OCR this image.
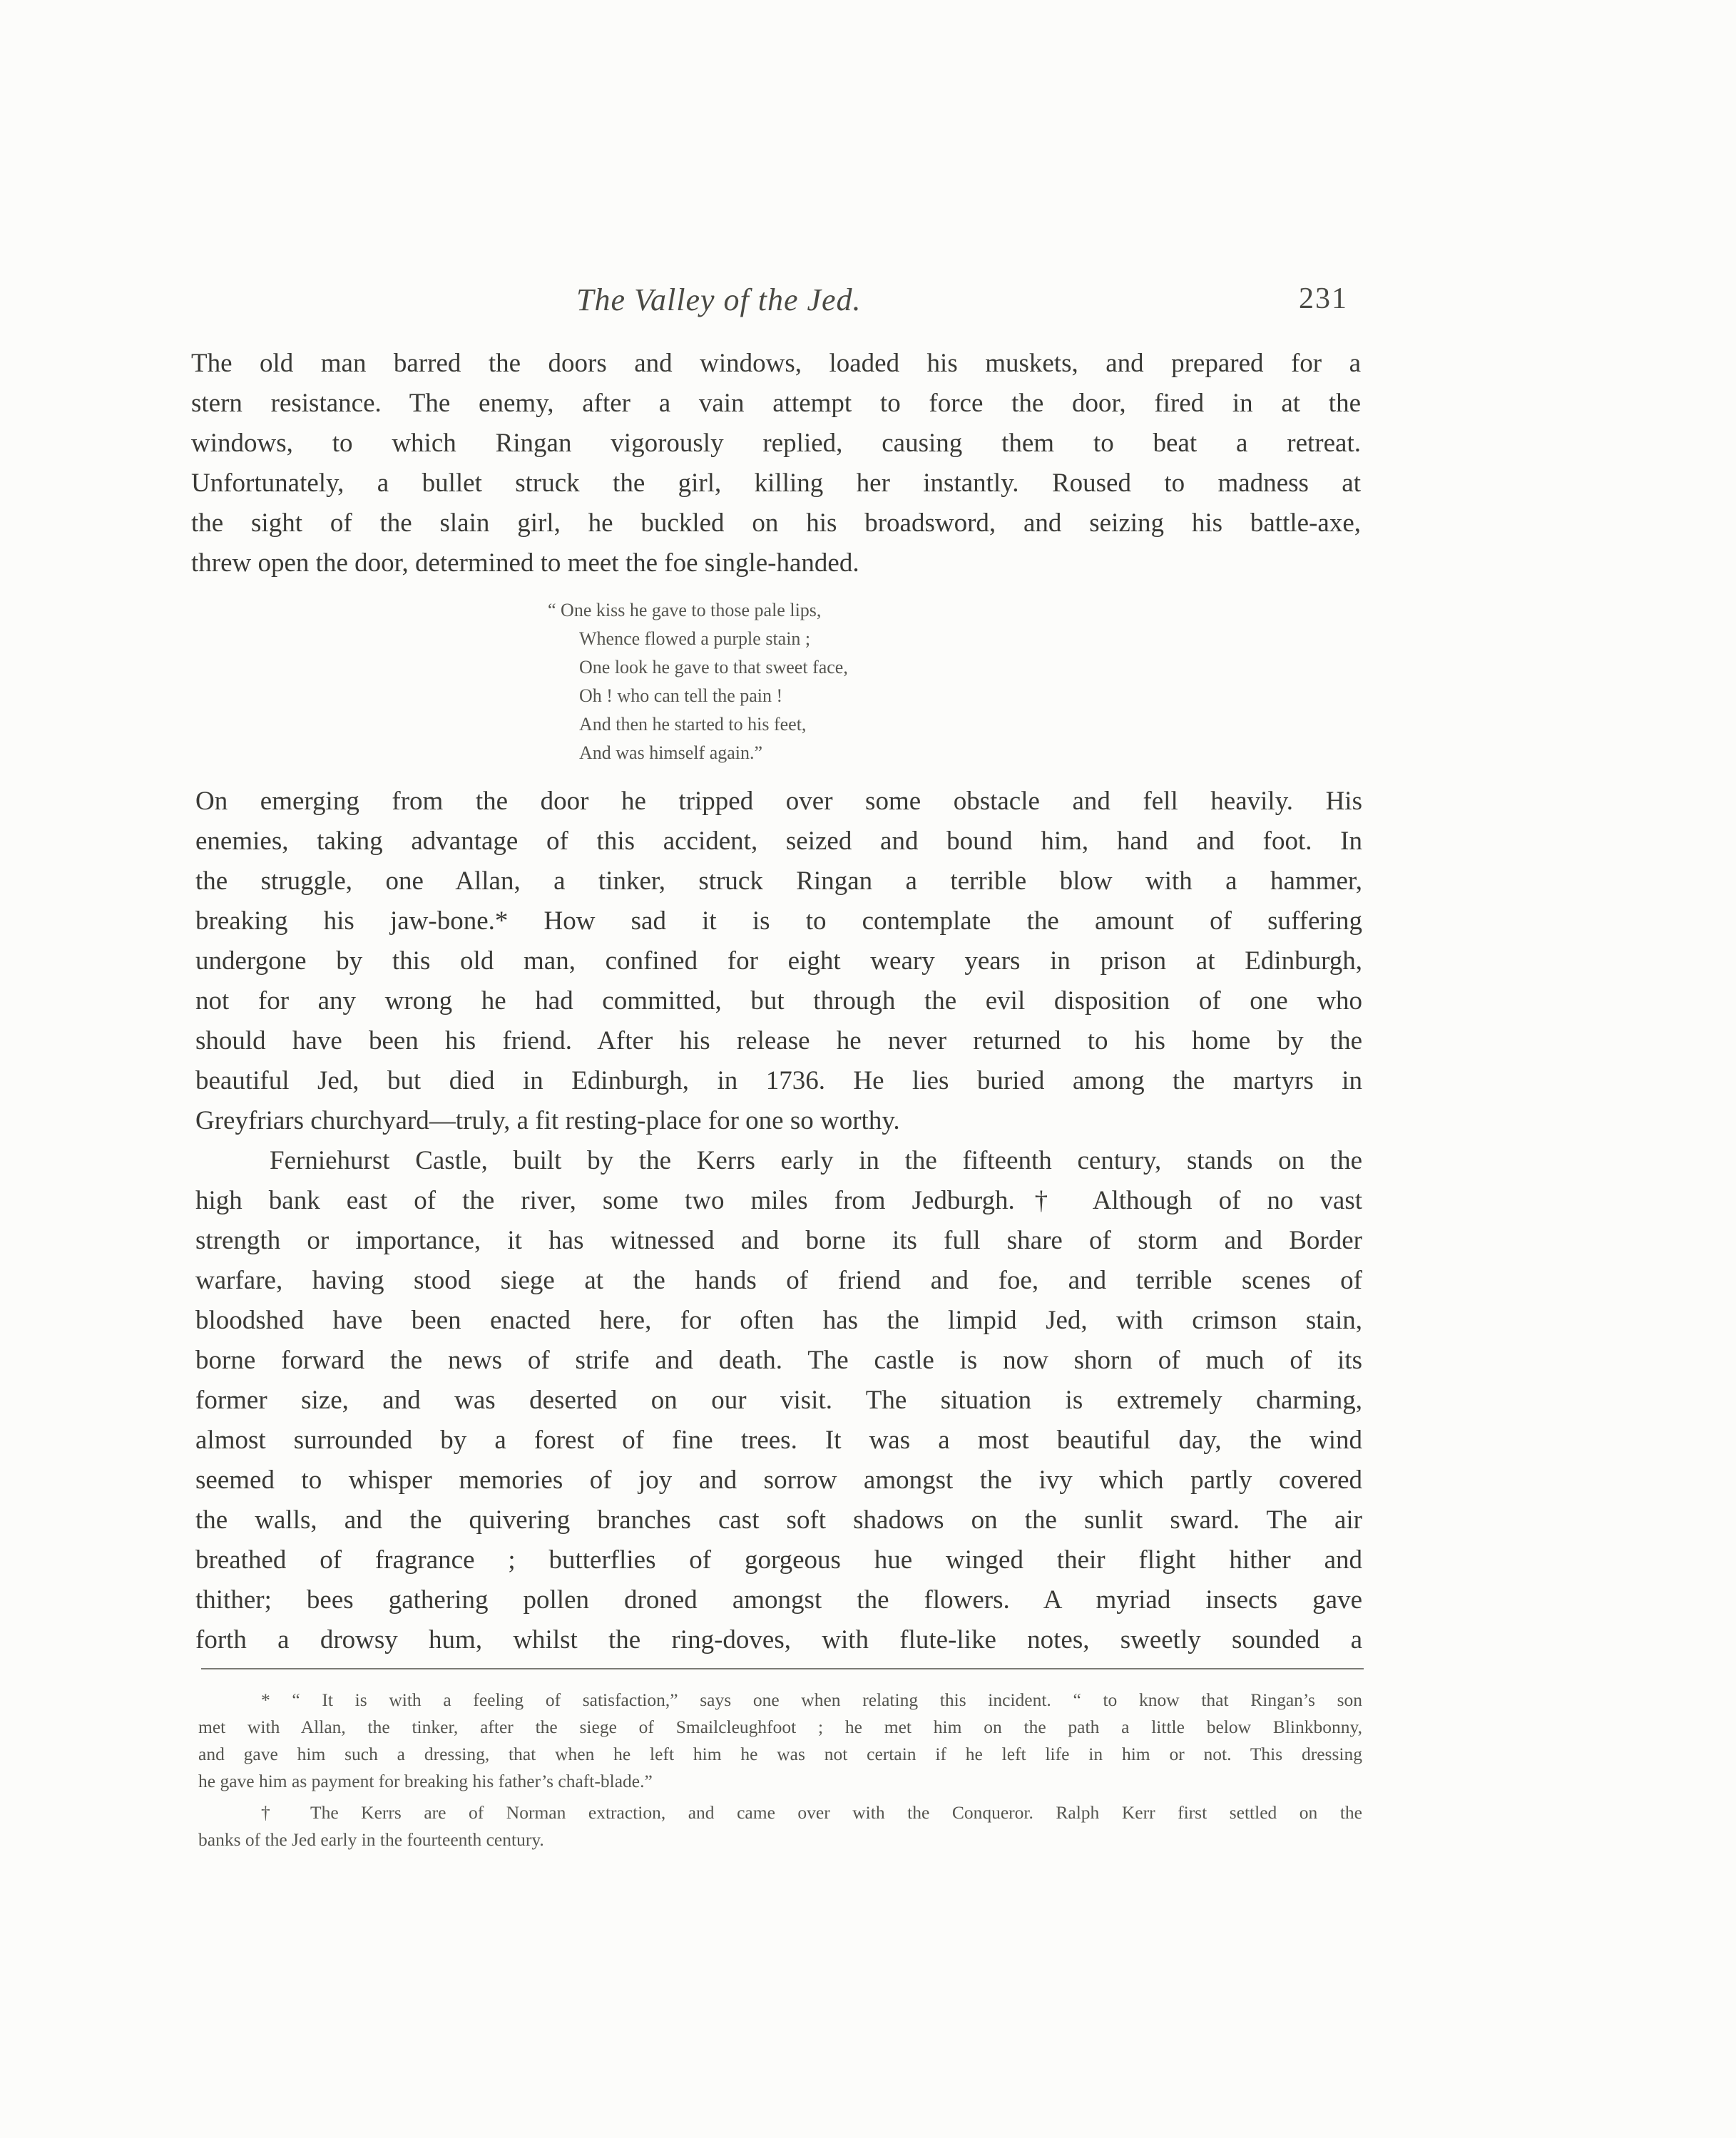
The Valley of the Jed.	231
The old man barred the doors and windows, loaded his muskets, and prepared for a
stern resistance. The enemy, after a vain attempt to force the door, fired in at the
windows, to which Ringan vigorously replied, causing them to beat a retreat.
Unfortunately, a bullet struck the girl, killing her instantly. Roused to madness at
the sight of the slain girl, he buckled on his broadsword, and seizing his battle-axe,
threw open the door, determined to meet the foe single-handed.
“ One kiss he gave to those pale lips,
Whence flowed a purple stain ;
One look he gave to that sweet face,
Oh ! who can tell the pain !
And then he started to his feet,
And was himself again.”
On emerging from the door he tripped over some obstacle and fell heavily. His
enemies, taking advantage of this accident, seized and bound him, hand and foot. In
the struggle, one Allan, a tinker, struck Ringan a terrible blow with a hammer,
breaking his jaw-bone.* How sad it is to contemplate the amount of suffering
undergone by this old man, confined for eight weary years in prison at Edinburgh,
not for any wrong he had committed, but through the evil disposition of one who
should have been his friend. After his release he never returned to his home by the
beautiful Jed, but died in Edinburgh, in 1736. He lies buried among the martyrs in
Greyfriars churchyard—truly, a fit resting-place for one so worthy.
Ferniehurst Castle, built by the Kerrs early in the fifteenth century, stands on the
high bank east of the river, some two miles from Jedburgh.† Although of no vast
strength or importance, it has witnessed and borne its full share of storm and Border
warfare, having stood siege at the hands of friend and foe, and terrible scenes of
bloodshed have been enacted here, for often has the limpid Jed, with crimson stain,
borne forward the news of strife and death. The castle is now shorn of much of its
former size, and was deserted on our visit. The situation is extremely charming,
almost surrounded by a forest of fine trees. It was a most beautiful day, the wind
seemed to whisper memories of joy and sorrow amongst the ivy which partly covered
the walls, and the quivering branches cast soft shadows on the sunlit sward. The air
breathed of fragrance ; butterflies of gorgeous hue winged their flight hither and
thither; bees gathering pollen droned amongst the flowers. A myriad insects gave
forth a drowsy hum, whilst the ring-doves, with flute-like notes, sweetly sounded a
* “ It is with a feeling of satisfaction,” says one when relating this incident. “ to know that Ringan’s son
met with Allan, the tinker, after the siege of Smailcleughfoot ; he met him on the path a little below Blinkbonny,
and gave him such a dressing, that when he left him he was not certain if he left life in him or not. This dressing
he gave him as payment for breaking his father’s chaft-blade.”
† The Kerrs are of Norman extraction, and came over with the Conqueror. Ralph Kerr first settled on the
banks of the Jed early in the fourteenth century.
